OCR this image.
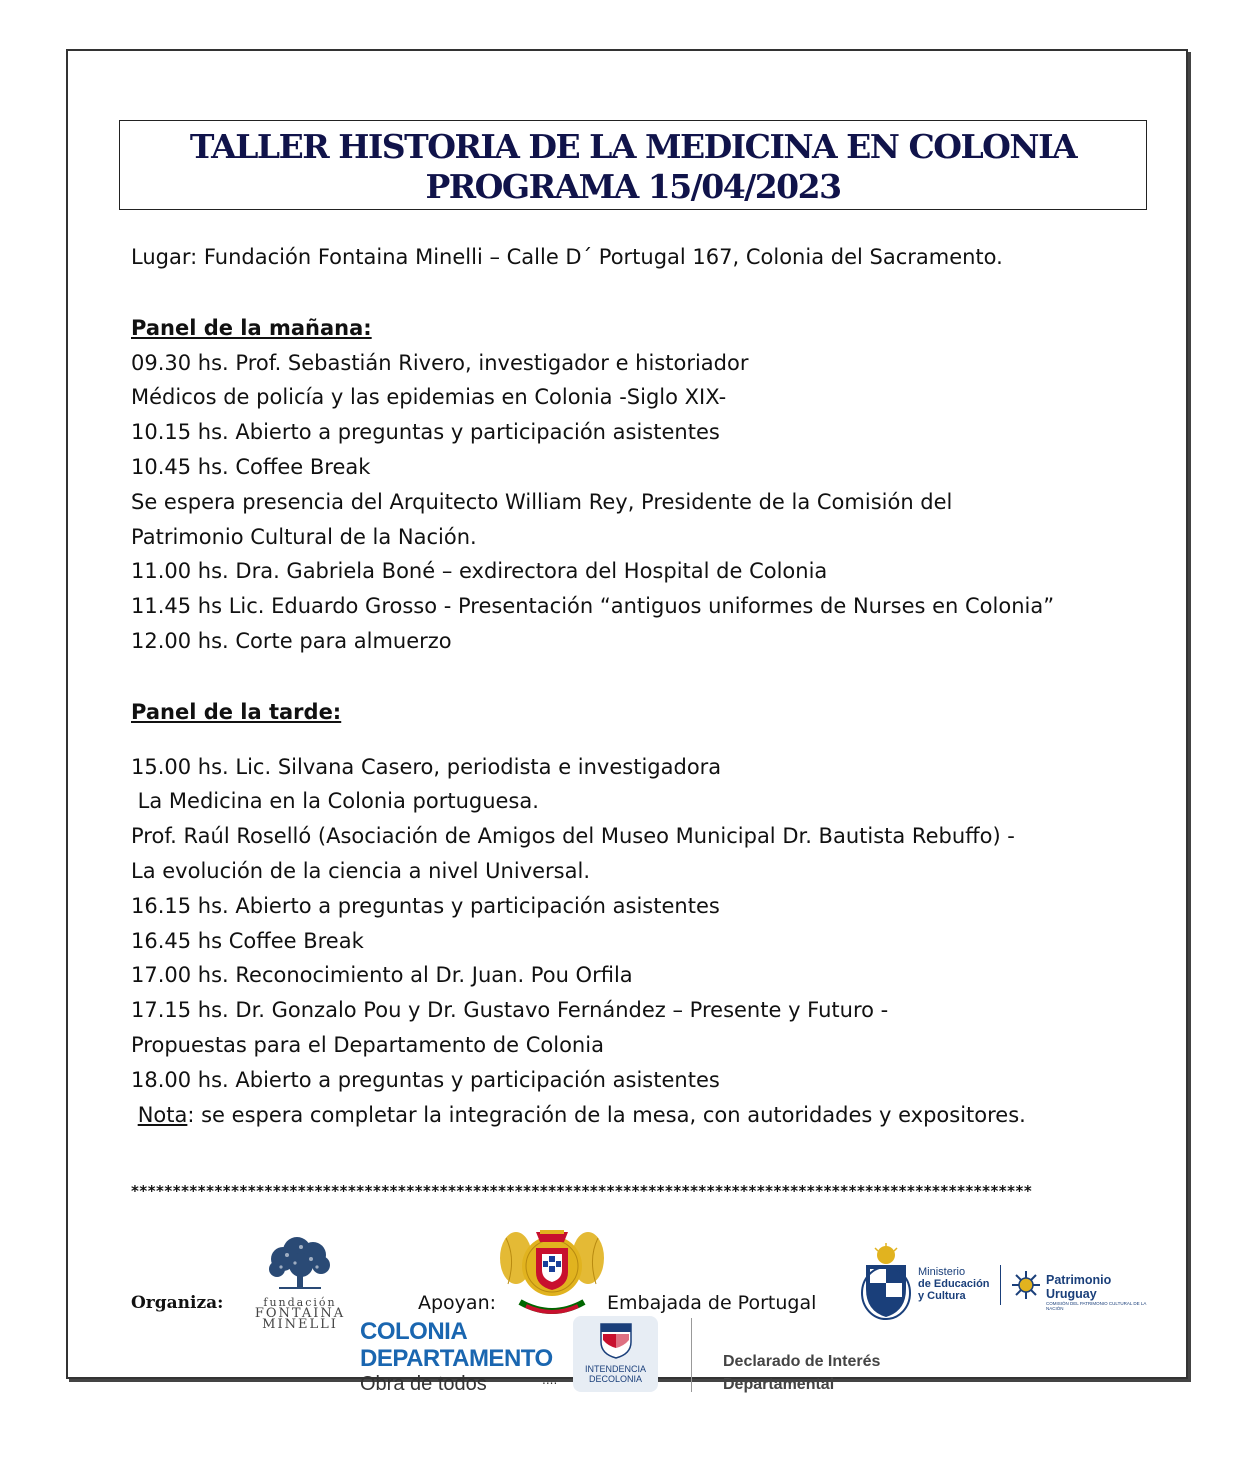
TALLER HISTORIA DE LA MEDICINA EN COLONIA
PROGRAMA 15/04/2023
Lugar: Fundación Fontaina Minelli – Calle D´ Portugal 167, Colonia del Sacramento.
Panel de la mañana:
09.30 hs. Prof. Sebastián Rivero, investigador e historiador
Médicos de policía y las epidemias en Colonia -Siglo XIX-
10.15 hs. Abierto a preguntas y participación asistentes
10.45 hs. Coffee Break
Se espera presencia del Arquitecto William Rey, Presidente de la Comisión del
Patrimonio Cultural de la Nación.
11.00 hs. Dra. Gabriela Boné – exdirectora del Hospital de Colonia
11.45 hs Lic. Eduardo Grosso - Presentación “antiguos uniformes de Nurses en Colonia”
12.00 hs. Corte para almuerzo
Panel de la tarde:
15.00 hs. Lic. Silvana Casero, periodista e investigadora
La Medicina en la Colonia portuguesa.
Prof. Raúl Roselló (Asociación de Amigos del Museo Municipal Dr. Bautista Rebuffo) -
La evolución de la ciencia a nivel Universal.
16.15 hs. Abierto a preguntas y participación asistentes
16.45 hs Coffee Break
17.00 hs. Reconocimiento al Dr. Juan. Pou Orfila
17.15 hs. Dr. Gonzalo Pou y Dr. Gustavo Fernández – Presente y Futuro -
Propuestas para el Departamento de Colonia
18.00 hs. Abierto a preguntas y participación asistentes
Nota: se espera completar la integración de la mesa, con autoridades y expositores.
************************************************************************************************************
Organiza:	fundación
FONTAINA
MINELLI
Apoyan:	Embajada de Portugal
COLONIA
DEPARTAMENTO
Obra de todos	....
INTENDENCIA
DECOLONIA
Declarado de Interés
Departamental
Ministerio
de Educación
y Cultura
Patrimonio Uruguay
COMISIÓN DEL PATRIMONIO CULTURAL DE LA NACIÓN
